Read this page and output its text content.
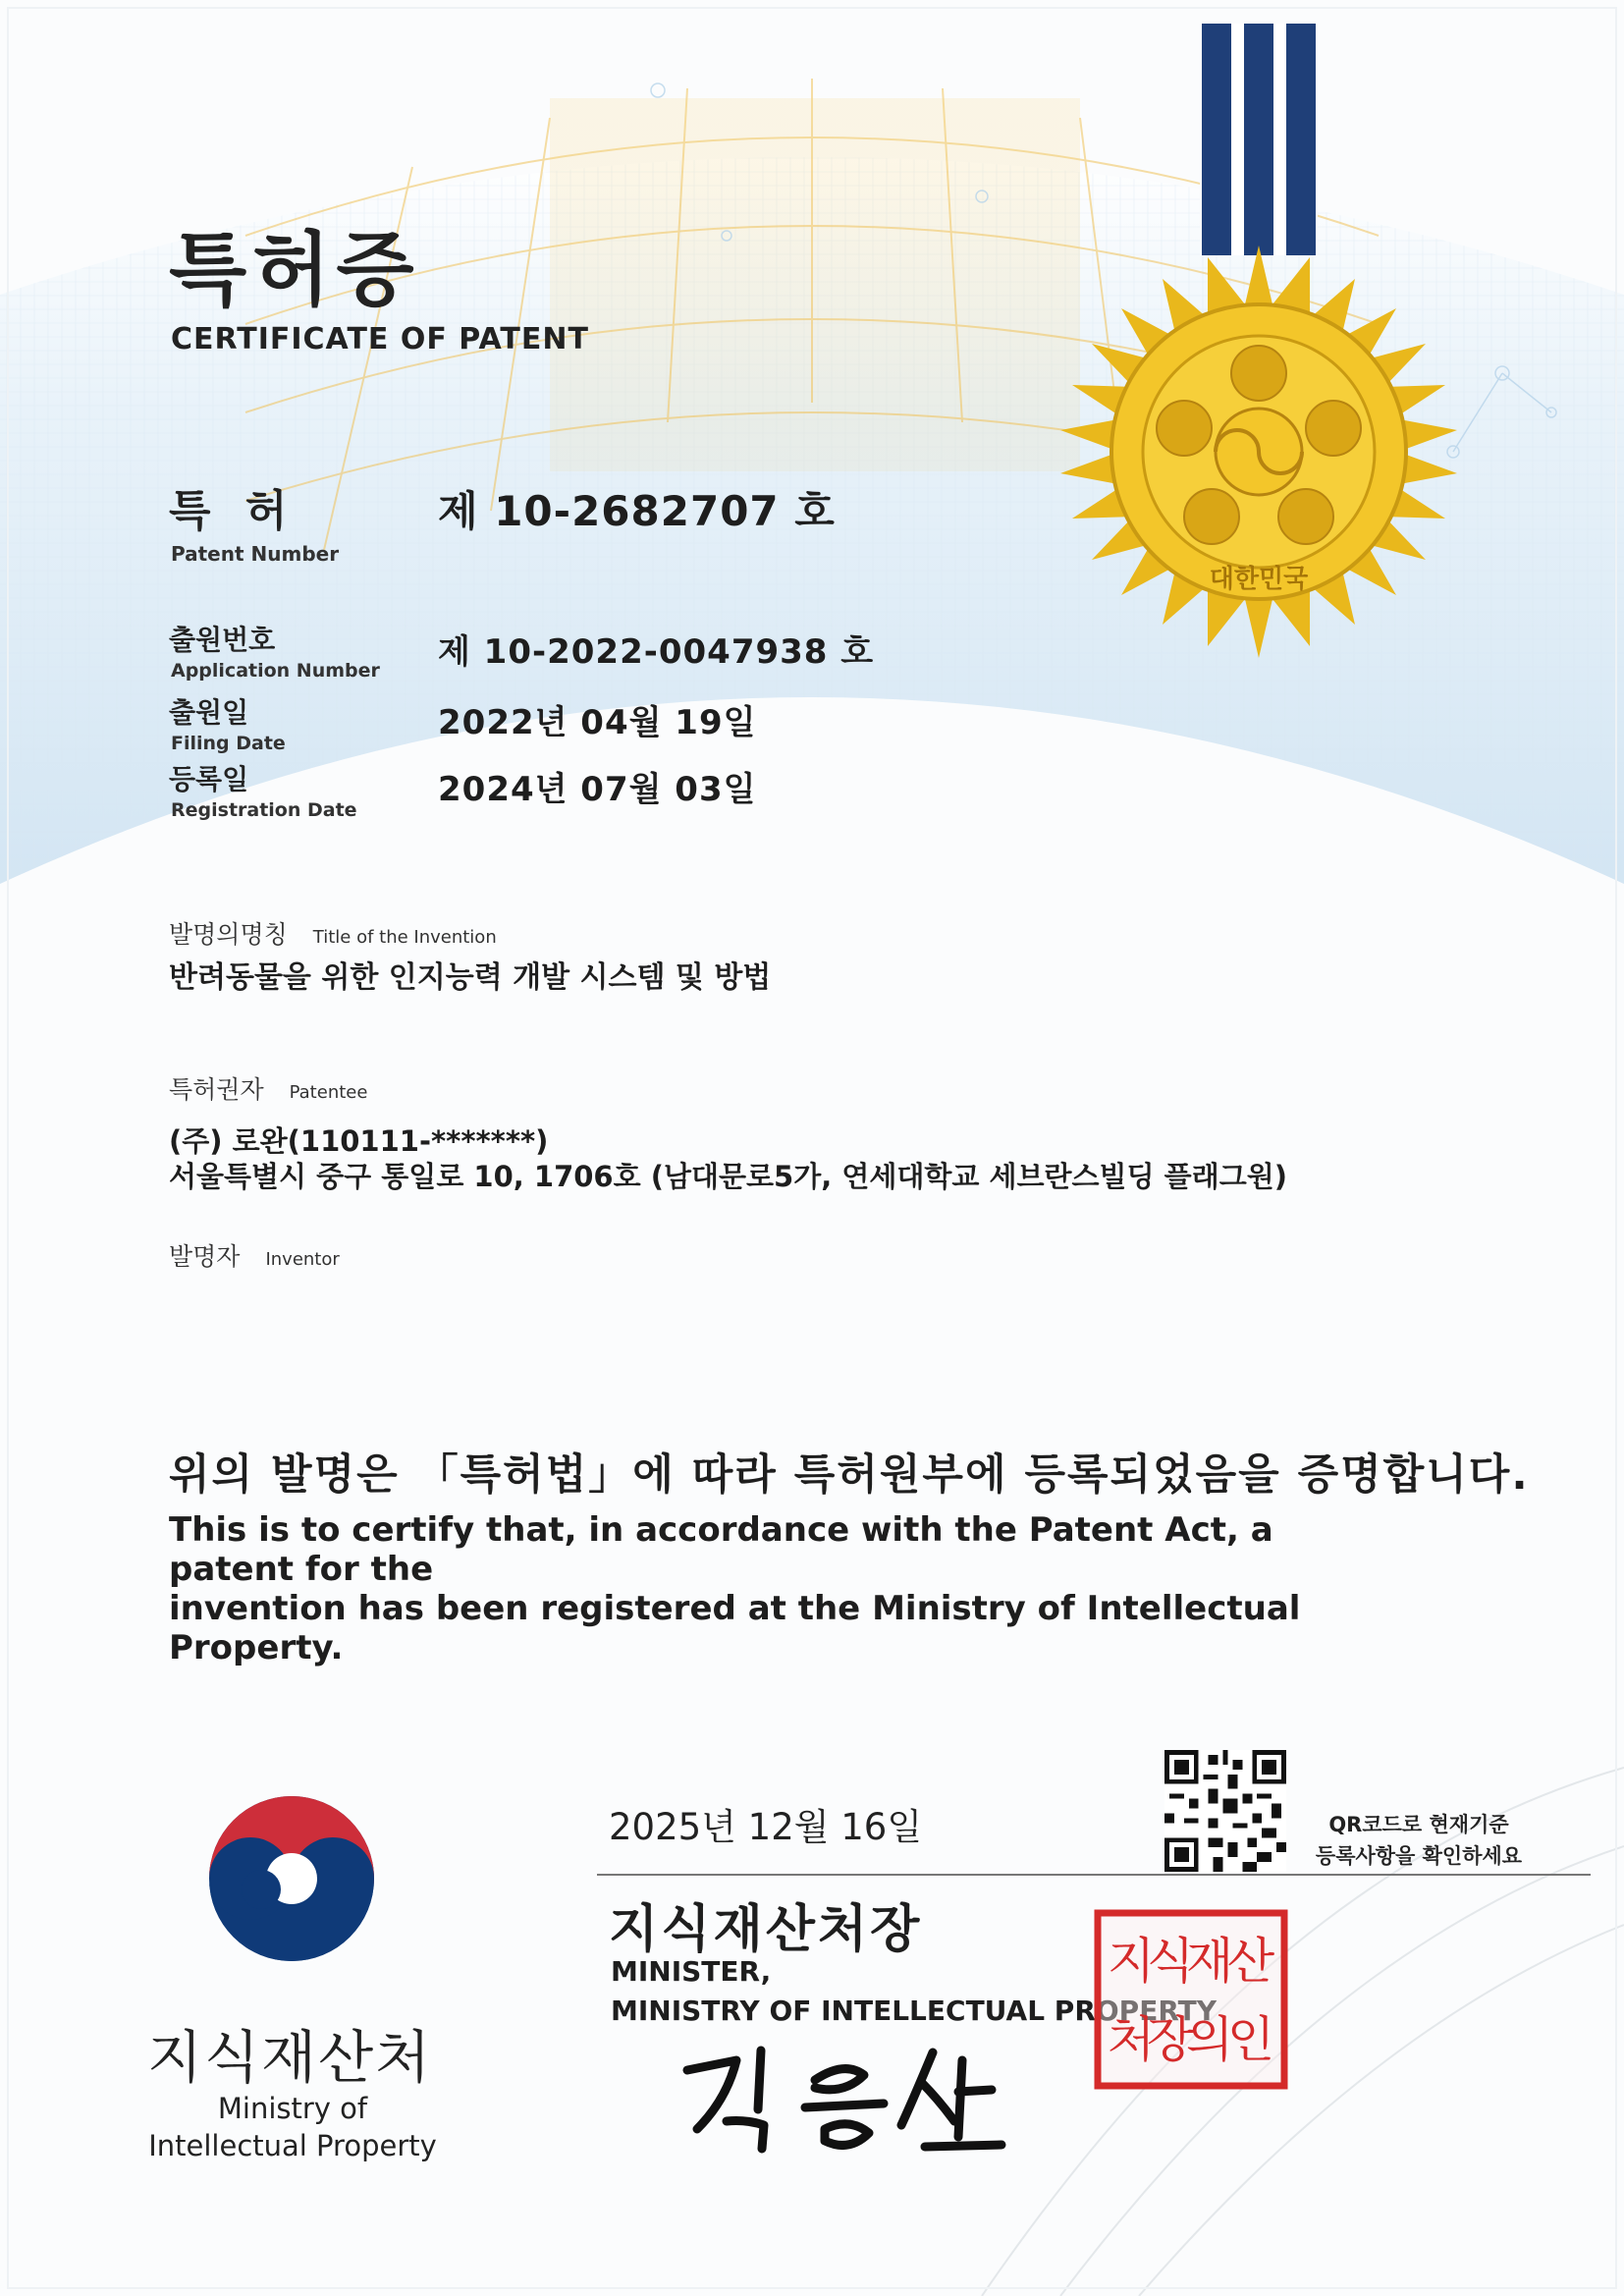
대한민국
특허증
CERTIFICATE OF PATENT
특 허
Patent Number
제 10-2682707 호
출원번호
Application Number 제 10-2022-0047938 호
출원일
Filing Date
2022년 04월 19일
등록일
Registration Date
2024년 07월 03일
발명의명칭 Title of the Invention
반려동물을 위한 인지능력 개발 시스템 및 방법
특허권자 Patentee
(주) 로완(110111-*******)
서울특별시 중구 통일로 10, 1706호 (남대문로5가, 연세대학교 세브란스빌딩 플래그원)
발명자 Inventor
위의 발명은 「특허법」에 따라 특허원부에 등록되었음을 증명합니다.
This is to certify that, in accordance with the Patent Act, a patent for the
invention has been registered at the Ministry of Intellectual Property.
지식재산처
Ministry of
Intellectual Property
2025년 12월 16일	QR코드로 현재기준
등록사항을 확인하세요
지식재산처장
MINISTER,
MINISTRY OF INTELLECTUAL PROPERTY
지
식
재
산
처
장
의
인
